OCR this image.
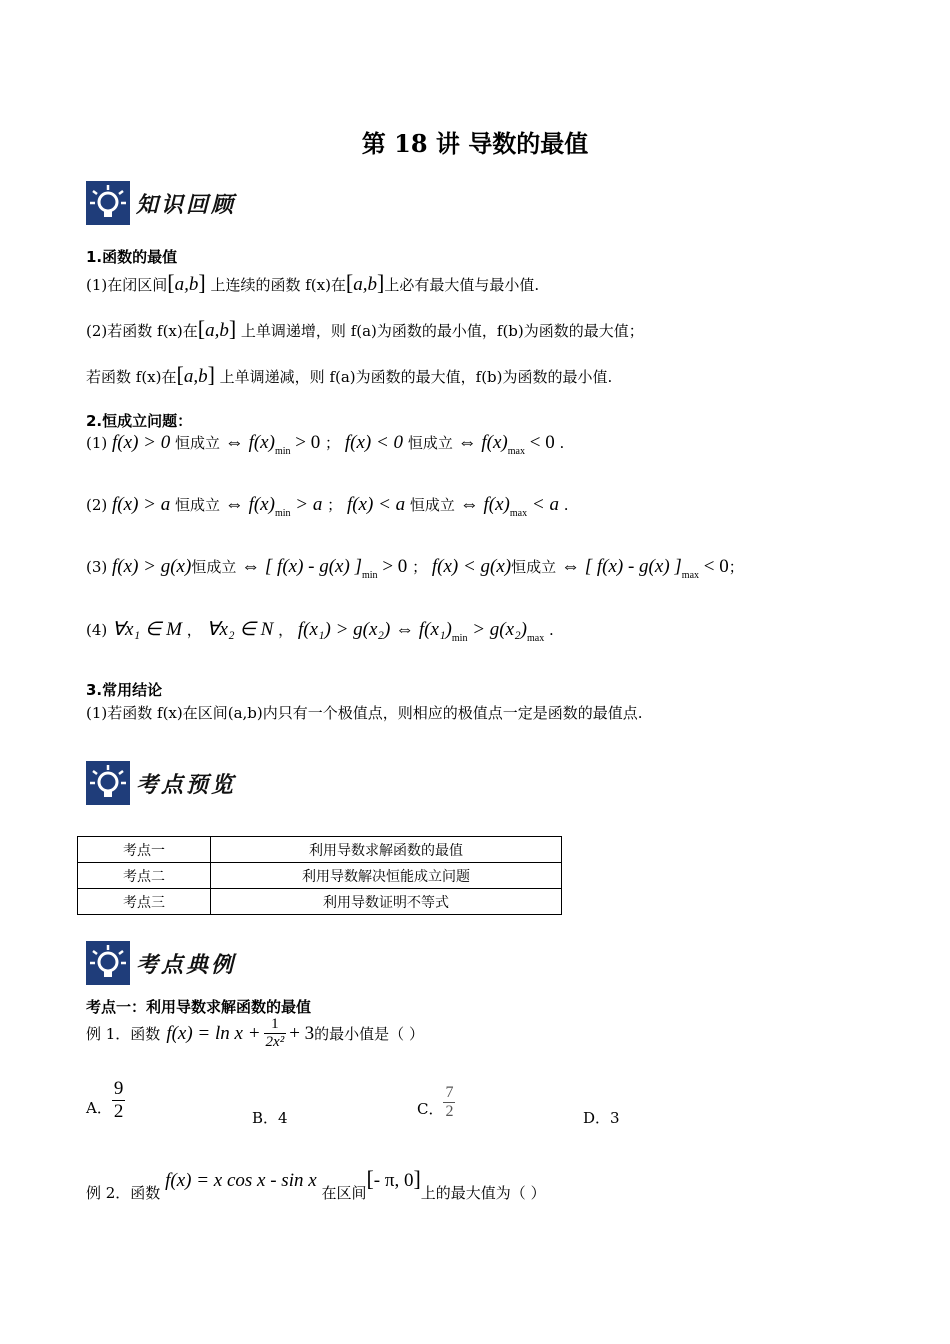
第 18 讲 导数的最值
知识回顾
1.函数的最值
(1)在闭区间[a,b] 上连续的函数 f(x)在[a,b]上必有最大值与最小值.
(2)若函数 f(x)在[a,b] 上单调递增，则 f(a)为函数的最小值，f(b)为函数的最大值；
若函数 f(x)在[a,b] 上单调递减，则 f(a)为函数的最大值，f(b)为函数的最小值.
2.恒成立问题：
(1) f(x) > 0 恒成立 ⇔ $f(x)_{min} > 0$ ； f(x) < 0 恒成立 ⇔ $f(x)_{max} < 0$ .
(2) f(x) > a 恒成立 ⇔ $f(x)_{min} > a$ ； f(x) < a 恒成立 ⇔ $f(x)_{max} < a$ .
(3) f(x) > g(x)恒成立 ⇔ [ f(x) - g(x) ]$_{min} > 0$ ； f(x) < g(x)恒成立 ⇔ [ f(x) - g(x) ]$_{max} < 0$；
(4) ∀x₁ ∈ M ， ∀x₂ ∈ N ， f(x₁) > g(x₂) ⇔ $f(x_1)_{min} > g(x_2)_{max}$ .
3.常用结论
(1)若函数 f(x)在区间(a,b)内只有一个极值点，则相应的极值点一定是函数的最值点.
考点预览
考点一	利用导数求解函数的最值
考点二	利用导数解决恒能成立问题
考点三	利用导数证明不等式
考点典例
考点一：利用导数求解函数的最值
例 1．函数 $f(x) = \ln x + \frac{1}{\text{2x²}} + 3$ 的最小值是（ ）
A． $\frac{9}{2}$	B．4	C． $\frac{7}{2}$	D．3
例 2．函数 f(x) = x cos x - sin x 在区间[- π, 0]上的最大值为（ ）
